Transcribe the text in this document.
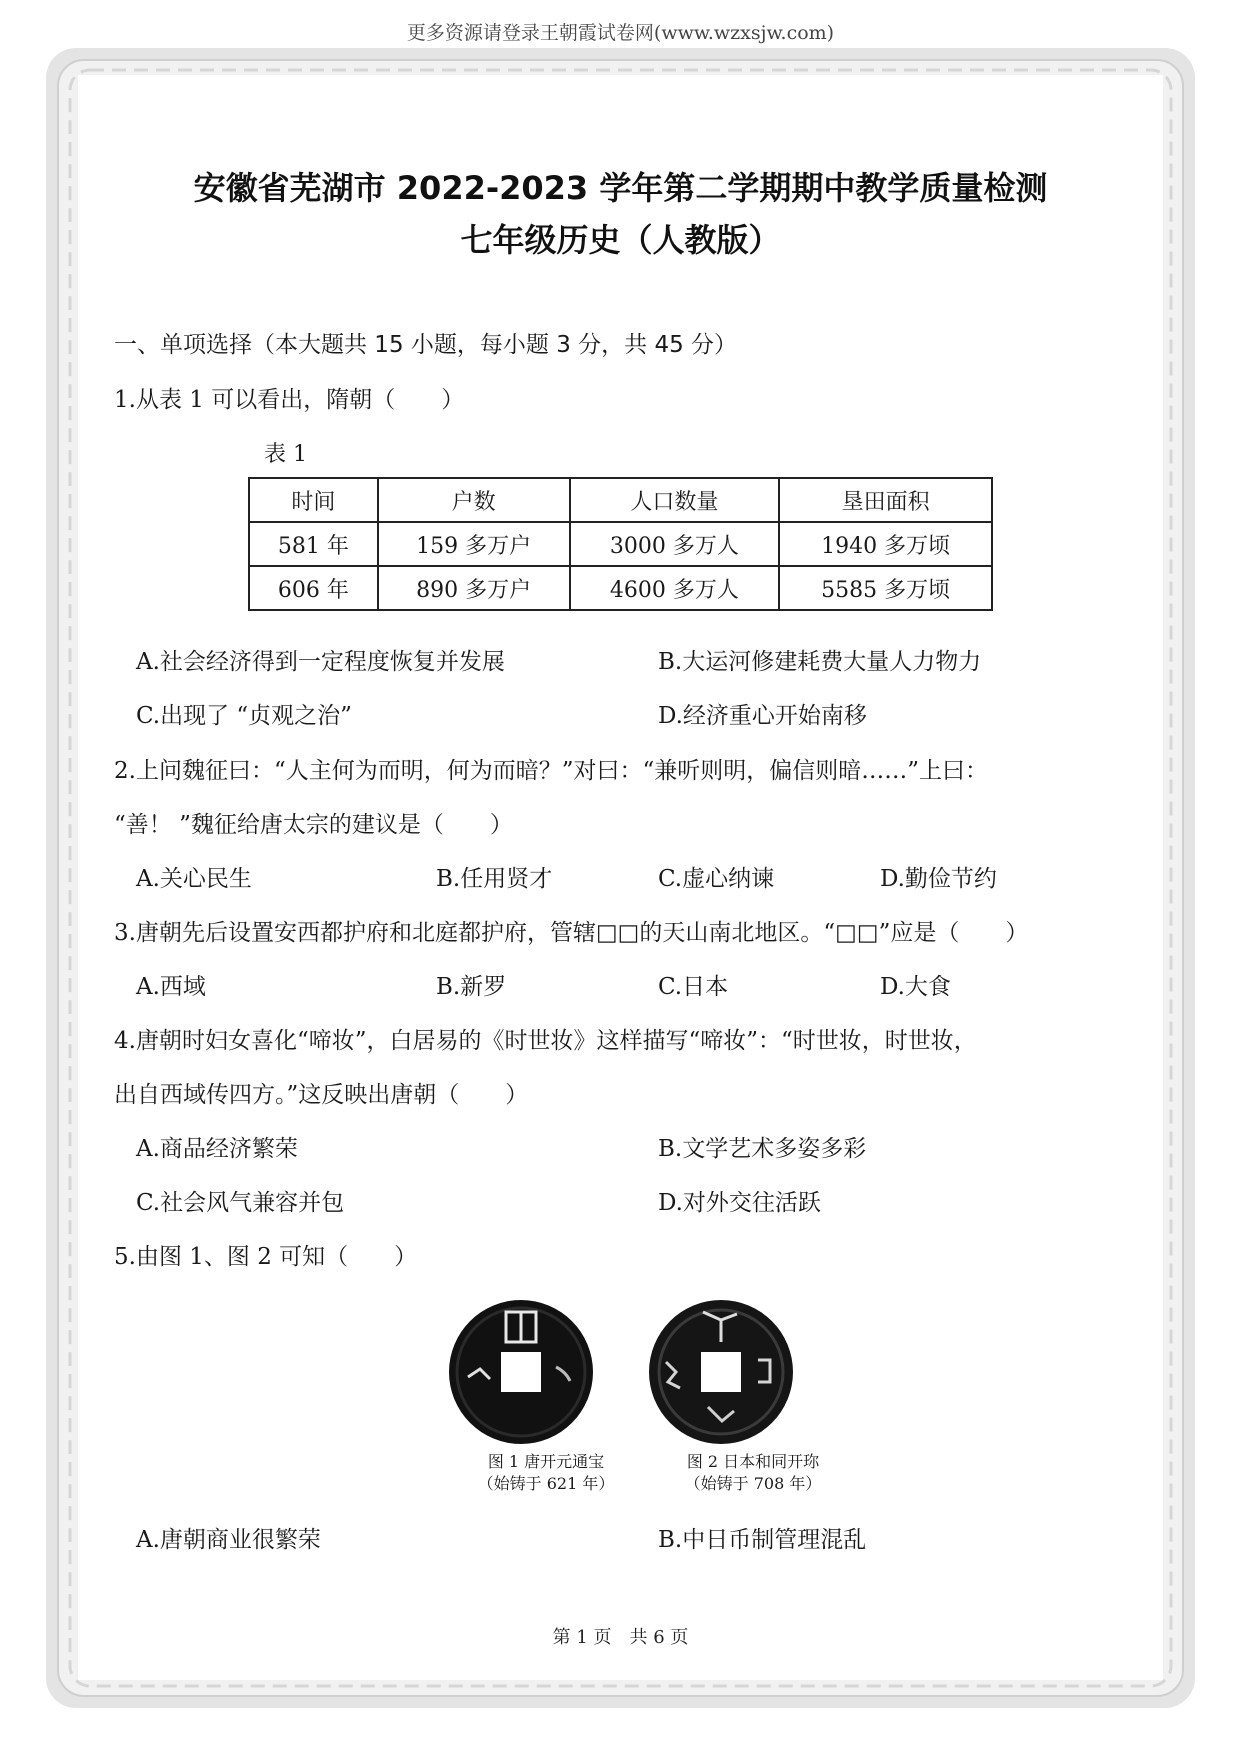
更多资源请登录王朝霞试卷网(www.wzxsjw.com)
安徽省芜湖市 2022-2023 学年第二学期期中教学质量检测
七年级历史（人教版）
一、单项选择（本大题共 15 小题，每小题 3 分，共 45 分）
1.从表 1 可以看出，隋朝（　　）
表 1
时间	户数	人口数量	垦田面积
581 年	159 多万户	3000 多万人	1940 多万顷
606 年	890 多万户	4600 多万人	5585 多万顷
A.社会经济得到一定程度恢复并发展	B.大运河修建耗费大量人力物力
C.出现了 “贞观之治”	D.经济重心开始南移
2.上问魏征曰：“人主何为而明，何为而暗？”对曰：“兼听则明，偏信则暗……”上曰：
“善！ ”魏征给唐太宗的建议是（　　）
A.关心民生	B.任用贤才	C.虚心纳谏	D.勤俭节约
3.唐朝先后设置安西都护府和北庭都护府，管辖□□的天山南北地区。“□□”应是（　　）
A.西域	B.新罗	C.日本	D.大食
4.唐朝时妇女喜化“啼妆”，白居易的《时世妆》这样描写“啼妆”：“时世妆，时世妆，
出自西域传四方。”这反映出唐朝（　　）
A.商品经济繁荣	B.文学艺术多姿多彩
C.社会风气兼容并包	D.对外交往活跃
5.由图 1、图 2 可知（　　）
图 1 唐开元通宝
（始铸于 621 年）
图 2 日本和同开珎
（始铸于 708 年）
A.唐朝商业很繁荣	B.中日币制管理混乱
第 1 页　共 6 页
